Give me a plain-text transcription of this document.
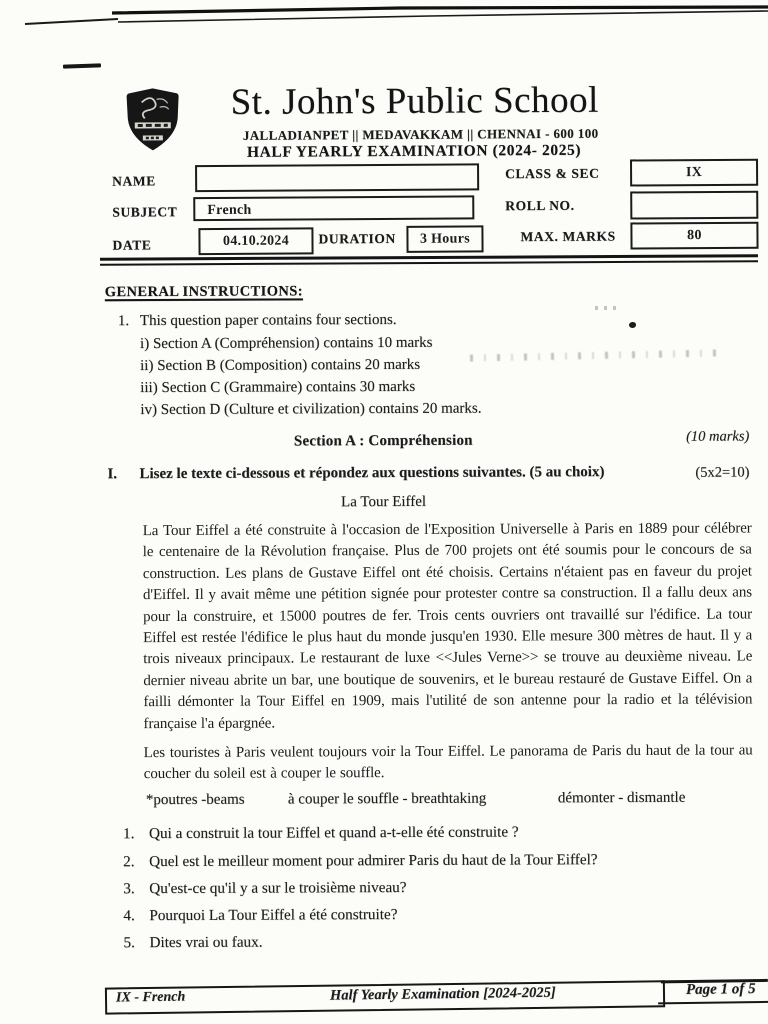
St. John's Public School
JALLADIANPET || MEDAVAKKAM || CHENNAI - 600 100
HALF YEARLY EXAMINATION (2024- 2025)
NAME	CLASS & SEC	IX
SUBJECT	French	ROLL NO.
DATE	04.10.2024	DURATION	3 Hours	MAX. MARKS	80
GENERAL INSTRUCTIONS:
1. This question paper contains four sections.
i) Section A (Compréhension) contains 10 marks
ii) Section B (Composition) contains 20 marks
iii) Section C (Grammaire) contains 30 marks
iv) Section D (Culture et civilization) contains 20 marks.
Section A : Compréhension	(10 marks)
I. Lisez le texte ci-dessous et répondez aux questions suivantes. (5 au choix)	(5x2=10)
La Tour Eiffel
La Tour Eiffel a été construite à l'occasion de l'Exposition Universelle à Paris en 1889 pour célébrer le centenaire de la Révolution française. Plus de 700 projets ont été soumis pour le concours de sa construction. Les plans de Gustave Eiffel ont été choisis. Certains n'étaient pas en faveur du projet d'Eiffel. Il y avait même une pétition signée pour protester contre sa construction. Il a fallu deux ans pour la construire, et 15000 poutres de fer. Trois cents ouvriers ont travaillé sur l'édifice. La tour Eiffel est restée l'édifice le plus haut du monde jusqu'en 1930. Elle mesure 300 mètres de haut. Il y a trois niveaux principaux. Le restaurant de luxe <<Jules Verne>> se trouve au deuxième niveau. Le dernier niveau abrite un bar, une boutique de souvenirs, et le bureau restauré de Gustave Eiffel. On a failli démonter la Tour Eiffel en 1909, mais l'utilité de son antenne pour la radio et la télévision française l'a épargnée.
Les touristes à Paris veulent toujours voir la Tour Eiffel. Le panorama de Paris du haut de la tour au coucher du soleil est à couper le souffle.
*poutres -beams	à couper le souffle - breathtaking	démonter - dismantle
1. Qui a construit la tour Eiffel et quand a-t-elle été construite ?
2. Quel est le meilleur moment pour admirer Paris du haut de la Tour Eiffel?
3. Qu'est-ce qu'il y a sur le troisième niveau?
4. Pourquoi La Tour Eiffel a été construite?
5. Dites vrai ou faux.
IX - French	Half Yearly Examination [2024-2025]	Page 1 of 5
